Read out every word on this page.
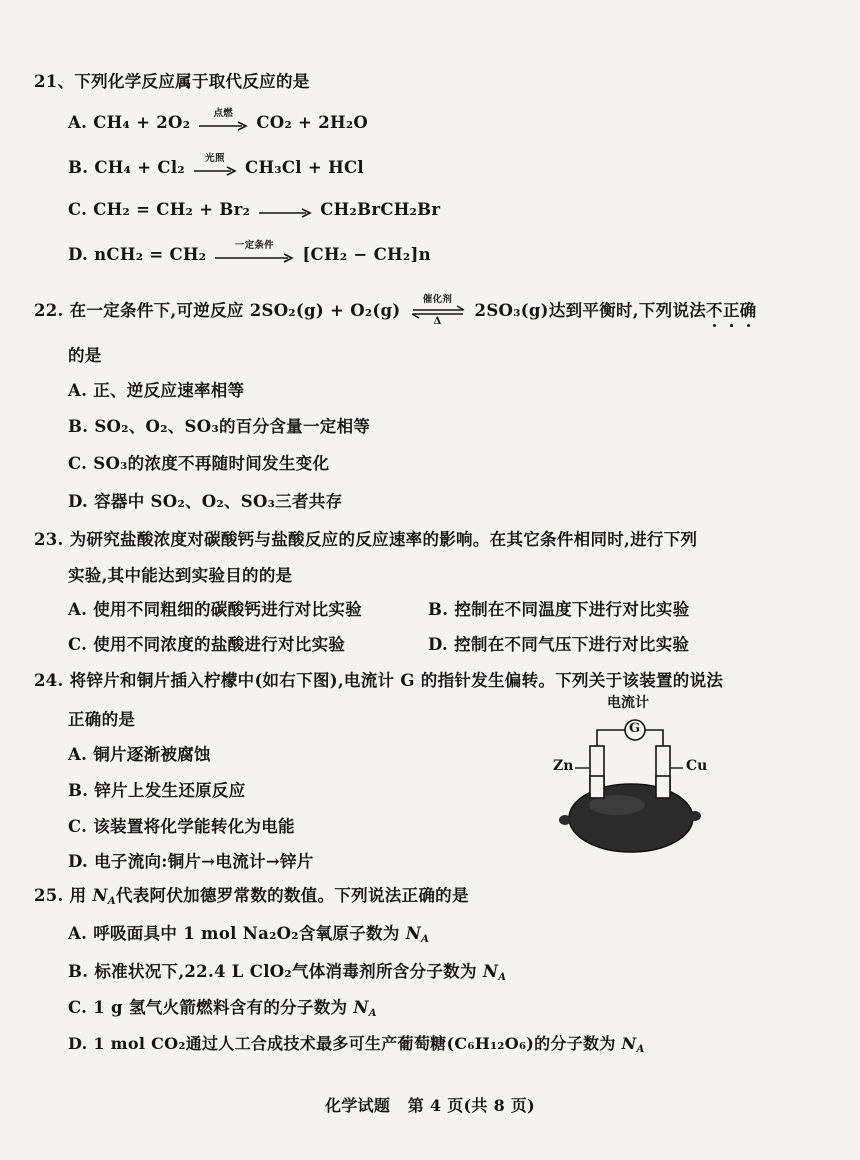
21、下列化学反应属于取代反应的是
A. CH₄ + 2O₂	点燃	CO₂ + 2H₂O
B. CH₄ + Cl₂	光照	CH₃Cl + HCl
C. CH₂ = CH₂ + Br₂ → CH₂BrCH₂Br
D. nCH₂ = CH₂	一定条件	[CH₂ − CH₂]n
22. 在一定条件下,可逆反应 2SO₂(g) + O₂(g)
催化剂
Δ
2SO₃(g)达到平衡时,下列说法不正确
的是
A. 正、逆反应速率相等
B. SO₂、O₂、SO₃的百分含量一定相等
C. SO₃的浓度不再随时间发生变化
D. 容器中 SO₂、O₂、SO₃三者共存
23. 为研究盐酸浓度对碳酸钙与盐酸反应的反应速率的影响。在其它条件相同时,进行下列
实验,其中能达到实验目的的是
A. 使用不同粗细的碳酸钙进行对比实验	B. 控制在不同温度下进行对比实验
C. 使用不同浓度的盐酸进行对比实验	D. 控制在不同气压下进行对比实验
24. 将锌片和铜片插入柠檬中(如右下图),电流计 G 的指针发生偏转。下列关于该装置的说法
正确的是
A. 铜片逐渐被腐蚀
B. 锌片上发生还原反应
C. 该装置将化学能转化为电能
D. 电子流向:铜片→电流计→锌片
电流计
G
Zn	Cu
25. 用 $N_A$代表阿伏加德罗常数的数值。下列说法正确的是
A. 呼吸面具中 1 mol Na₂O₂含氧原子数为 $N_A$
B. 标准状况下,22.4 L ClO₂气体消毒剂所含分子数为 $N_A$
C. 1 g 氢气火箭燃料含有的分子数为 $N_A$
D. 1 mol CO₂通过人工合成技术最多可生产葡萄糖(C₆H₁₂O₆)的分子数为 $N_A$
化学试题 第 4 页(共 8 页)
